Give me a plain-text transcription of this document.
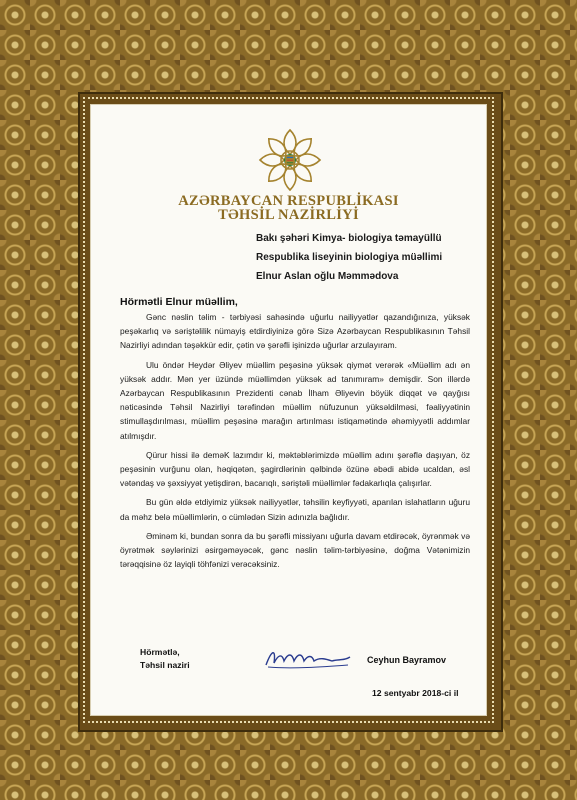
AZƏRBAYCAN RESPUBLİKASI

TƏHSİL NAZİRLİYİ

Bakı şəhəri Kimya- biologiya təmayüllü
Respublika liseyinin biologiya müəllimi
Elnur Aslan oğlu Məmmədova
Hörmətli Elnur müəllim,

Gənc nəslin təlim - tərbiyəsi sahəsində uğurlu nailiyyətlər qazandığınıza, yüksək peşəkarlıq və səriştəlilik nümayiş etdirdiyinizə görə Sizə Azərbaycan Respublikasının Təhsil Nazirliyi adından təşəkkür edir, çətin və şərəfli işinizdə uğurlar arzulayıram.

Ulu öndər Heydər Əliyev müəllim peşəsinə yüksək qiymət verərək «Müəllim adı ən yüksək addır. Mən yer üzündə müəllimdən yüksək ad tanımıram» demişdir. Son illərdə Azərbaycan Respublikasının Prezidenti cənab İlham Əliyevin böyük diqqət və qayğısı nəticəsində Təhsil Nazirliyi tərəfindən müəllim nüfuzunun yüksəldilməsi, fəaliyyətinin stimullaşdırılması, müəllim peşəsinə marağın artırılması istiqamətində əhəmiyyətli addımlar atılmışdır.

Qürur hissi ilə deməK lazımdır ki, məktəblərimizdə müəllim adını şərəflə daşıyan, öz peşəsinin vurğunu olan, həqiqətən, şagirdlərinin qəlbində özünə əbədi abidə ucaldan, əsl vətəndaş və şəxsiyyət yetişdirən, bacarıqlı, səriştəli müəllimlər fədakarlıqla çalışırlar.

Bu gün əldə etdiyimiz yüksək nailiyyətlər, təhsilin keyfiyyəti, aparılan islahatların uğuru da məhz belə müəllimlərin, o cümlədən Sizin adınızla bağlıdır.

Əminəm ki, bundan sonra da bu şərəfli missiyanı uğurla davam etdirəcək, öyrənmək və öyrətmək səylərinizi əsirgəməyəcək, gənc nəslin təlim-tərbiyəsinə, doğma Vətənimizin tərəqqisinə öz layiqli töhfənizi verəcəksiniz.

Hörmətlə,
Təhsil naziri	Ceyhun Bayramov
12 sentyabr 2018-ci il
